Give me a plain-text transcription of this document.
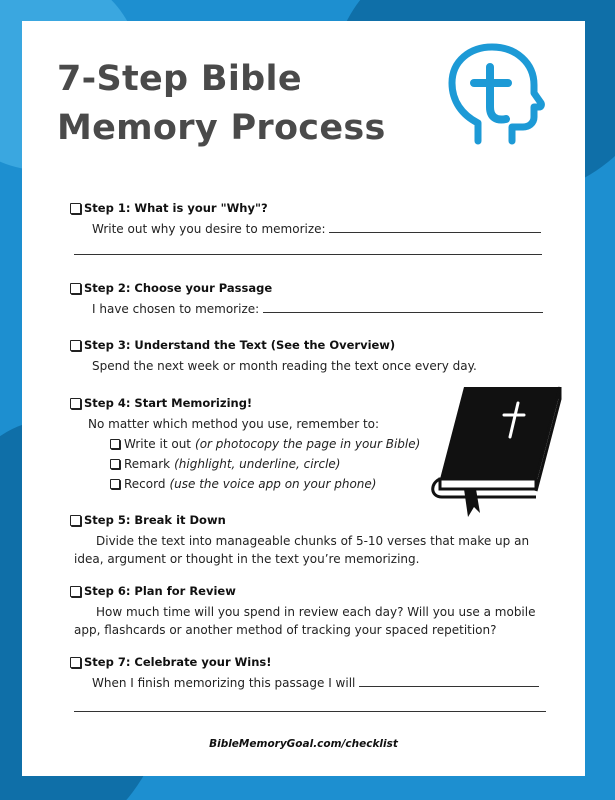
7-Step Bible
Memory Process
Step 1: What is your "Why"?
Write out why you desire to memorize:
Step 2: Choose your Passage
I have chosen to memorize:
Step 3: Understand the Text (See the Overview)
Spend the next week or month reading the text once every day.
Step 4: Start Memorizing!
No matter which method you use, remember to:
Write it out (or photocopy the page in your Bible)
Remark (highlight, underline, circle)
Record (use the voice app on your phone)
Step 5: Break it Down
Divide the text into manageable chunks of 5-10 verses that make up an idea, argument or thought in the text you’re memorizing.
Step 6: Plan for Review
How much time will you spend in review each day? Will you use a mobile app, flashcards or another method of tracking your spaced repetition?
Step 7: Celebrate your Wins!
When I finish memorizing this passage I will
BibleMemoryGoal.com/checklist
